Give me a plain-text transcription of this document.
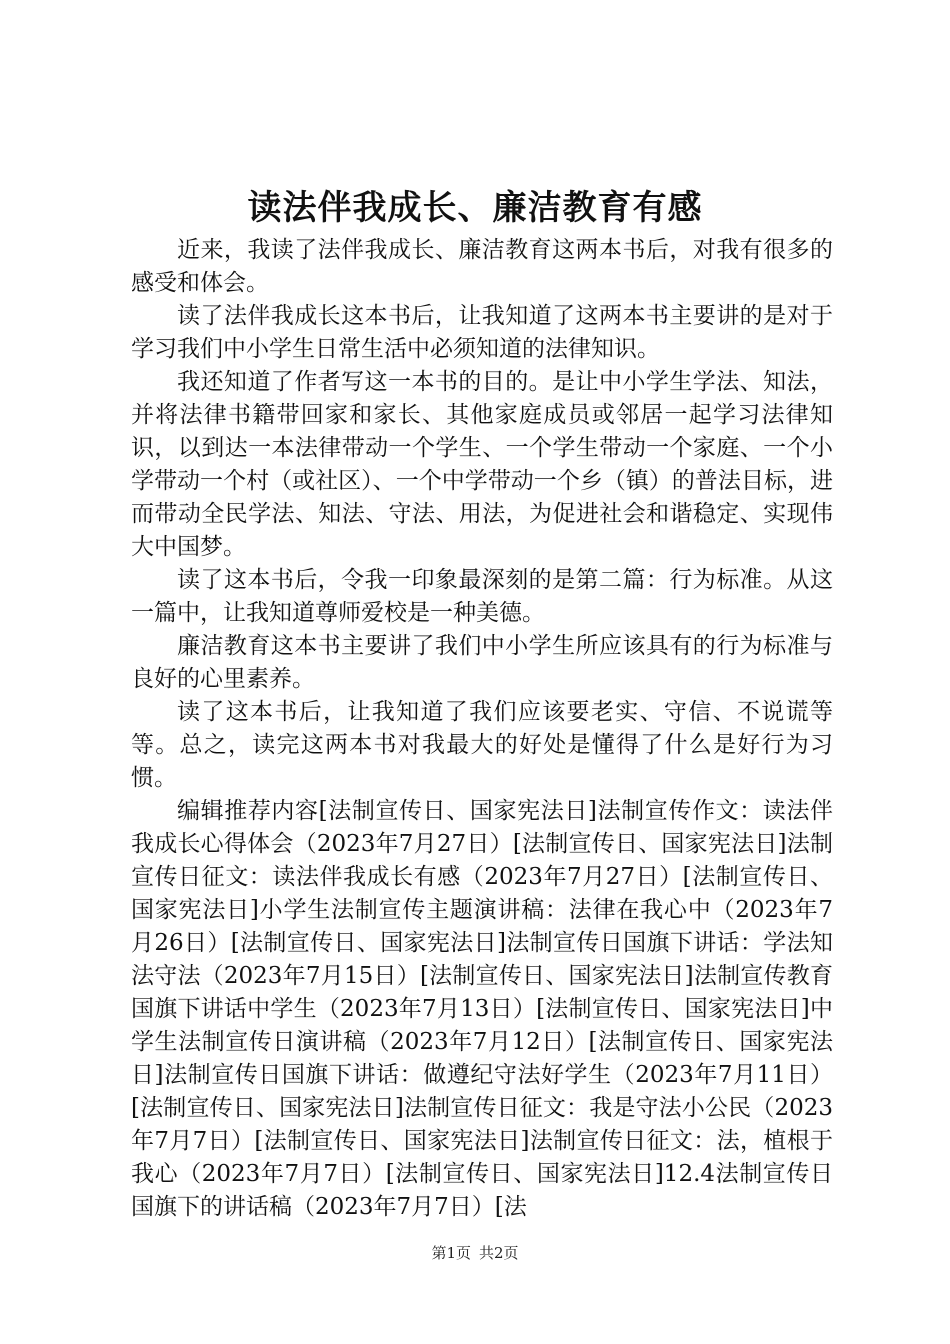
读法伴我成长、廉洁教育有感

近来，我读了法伴我成长、廉洁教育这两本书后，对我有很多的感受和体会。

读了法伴我成长这本书后，让我知道了这两本书主要讲的是对于学习我们中小学生日常生活中必须知道的法律知识。

我还知道了作者写这一本书的目的。是让中小学生学法、知法，并将法律书籍带回家和家长、其他家庭成员或邻居一起学习法律知识，以到达一本法律带动一个学生、一个学生带动一个家庭、一个小学带动一个村（或社区）、一个中学带动一个乡（镇）的普法目标，进而带动全民学法、知法、守法、用法，为促进社会和谐稳定、实现伟大中国梦。

读了这本书后，令我一印象最深刻的是第二篇：行为标准。从这一篇中，让我知道尊师爱校是一种美德。

廉洁教育这本书主要讲了我们中小学生所应该具有的行为标准与良好的心里素养。

读了这本书后，让我知道了我们应该要老实、守信、不说谎等等。总之，读完这两本书对我最大的好处是懂得了什么是好行为习惯。

编辑推荐内容[法制宣传日、国家宪法日]法制宣传作文：读法伴我成长心得体会（2023年7月27日）[法制宣传日、国家宪法日]法制宣传日征文：读法伴我成长有感（2023年7月27日）[法制宣传日、国家宪法日]小学生法制宣传主题演讲稿：法律在我心中（2023年7月26日）[法制宣传日、国家宪法日]法制宣传日国旗下讲话：学法知法守法（2023年7月15日）[法制宣传日、国家宪法日]法制宣传教育国旗下讲话中学生（2023年7月13日）[法制宣传日、国家宪法日]中学生法制宣传日演讲稿（2023年7月12日）[法制宣传日、国家宪法日]法制宣传日国旗下讲话：做遵纪守法好学生（2023年7月11日）[法制宣传日、国家宪法日]法制宣传日征文：我是守法小公民（2023年7月7日）[法制宣传日、国家宪法日]法制宣传日征文：法，植根于我心（2023年7月7日）[法制宣传日、国家宪法日]12.4法制宣传日国旗下的讲话稿（2023年7月7日）[法

第1页 共2页
